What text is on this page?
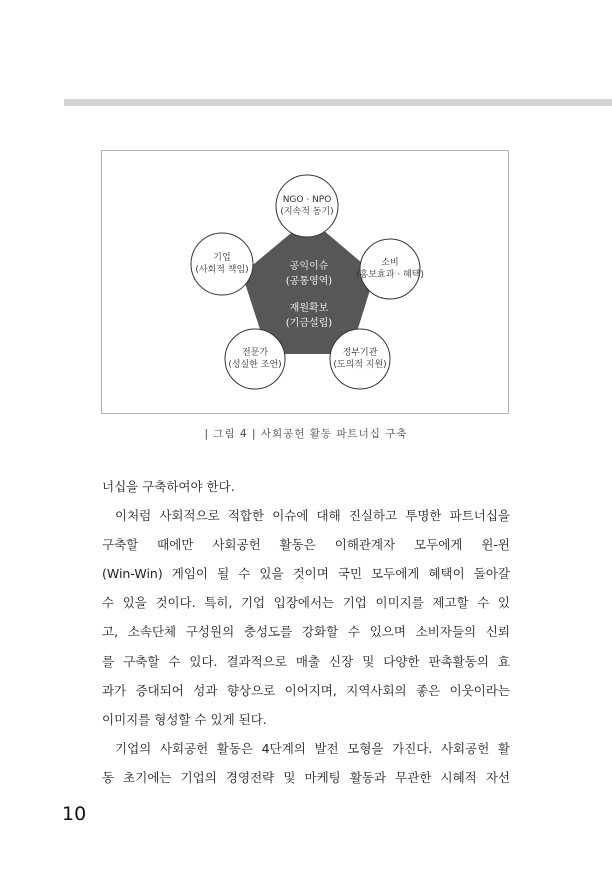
공익이슈
(공통영역)
재원확보
(기금설립)
NGO · NPO
(지속적 동기)
소비
(홍보효과 · 혜택)
정부기관
(도의적 지원)
전문가
(성실한 조언)
기업
(사회적 책임)
| 그림 4 | 사회공헌 활동 파트너십 구축

너십을 구축하여야 한다.

이처럼 사회적으로 적합한 이슈에 대해 진실하고 투명한 파트너십을

구축할 때에만 사회공헌 활동은 이해관계자 모두에게 윈-윈

(Win-Win) 게임이 될 수 있을 것이며 국민 모두에게 혜택이 돌아갈

수 있을 것이다. 특히, 기업 입장에서는 기업 이미지를 제고할 수 있

고, 소속단체 구성원의 충성도를 강화할 수 있으며 소비자들의 신뢰

를 구축할 수 있다. 결과적으로 매출 신장 및 다양한 판촉활동의 효

과가 증대되어 성과 향상으로 이어지며, 지역사회의 좋은 이웃이라는

이미지를 형성할 수 있게 된다.

기업의 사회공헌 활동은 4단계의 발전 모형을 가진다. 사회공헌 활

동 초기에는 기업의 경영전략 및 마케팅 활동과 무관한 시혜적 자선

10
